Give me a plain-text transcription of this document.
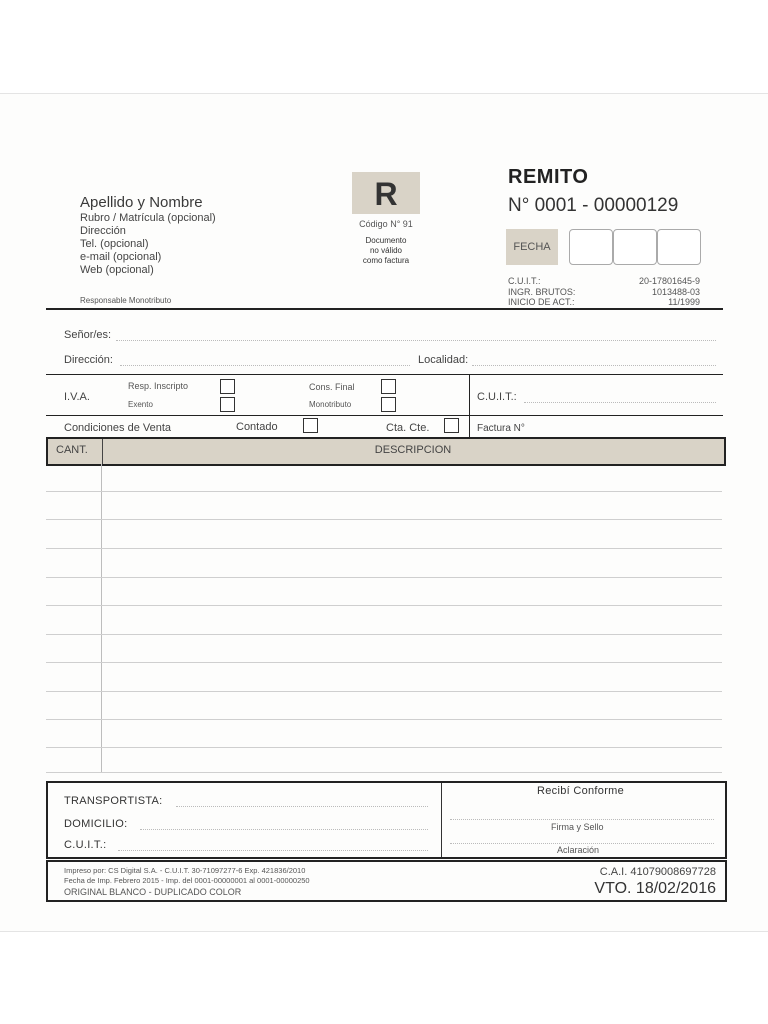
Apellido y Nombre
Rubro / Matrícula (opcional)
Dirección
Tel. (opcional)
e-mail (opcional)
Web (opcional)
Responsable Monotributo
R
Código N° 91
Documento
no válido
como factura
REMITO
N° 0001 - 00000129
FECHA
C.U.I.T.:	20-17801645-9
INGR. BRUTOS:	1013488-03
INICIO DE ACT.:	11/1999
Señor/es:
Dirección:	Localidad:
I.V.A.
Resp. Inscripto
Exento
Cons. Final
Monotributo
C.U.I.T.:
Condiciones de Venta	Contado	Cta. Cte.	Factura N°
CANT.	DESCRIPCION
TRANSPORTISTA:
DOMICILIO:
C.U.I.T.:
Recibí Conforme
Firma y Sello
Aclaración
Impreso por: CS Digital S.A. - C.U.I.T. 30-71097277-6 Exp. 421836/2010
Fecha de Imp. Febrero 2015 - Imp. del 0001-00000001 al 0001-00000250
ORIGINAL BLANCO - DUPLICADO COLOR
C.A.I. 41079008697728
VTO. 18/02/2016
